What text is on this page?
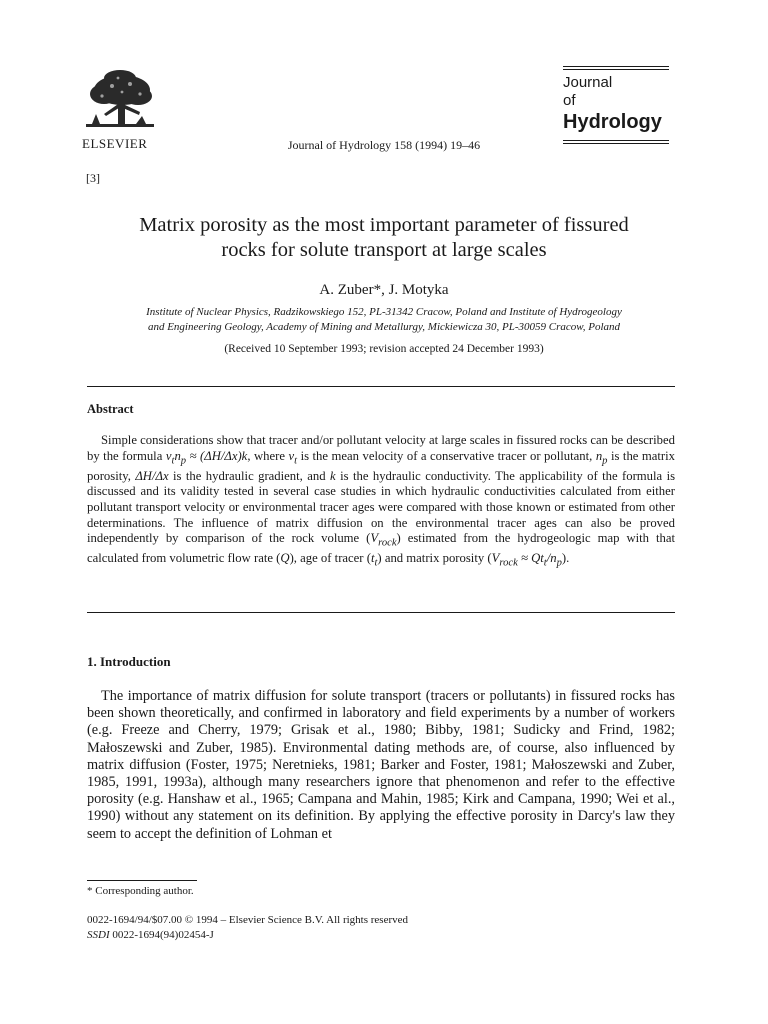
ELSEVIER	Journal of Hydrology 158 (1994) 19–46
Journal
of
Hydrology
[3]
Matrix porosity as the most important parameter of fissured
rocks for solute transport at large scales
A. Zuber*, J. Motyka
Institute of Nuclear Physics, Radzikowskiego 152, PL-31342 Cracow, Poland and Institute of Hydrogeology
and Engineering Geology, Academy of Mining and Metallurgy, Mickiewicza 30, PL-30059 Cracow, Poland
(Received 10 September 1993; revision accepted 24 December 1993)
Abstract
Simple considerations show that tracer and/or pollutant velocity at large scales in fissured rocks can be described by the formula $v_tn_p \approx (\Delta H/\Delta x)k$, where $v_t$ is the mean velocity of a conservative tracer or pollutant, $n_p$ is the matrix porosity, ΔH/Δx is the hydraulic gradient, and k is the hydraulic conductivity. The applicability of the formula is discussed and its validity tested in several case studies in which hydraulic conductivities calculated from either pollutant transport velocity or environmental tracer ages were compared with those known or estimated from other determinations. The influence of matrix diffusion on the environmental tracer ages can also be proved independently by comparison of the rock volume $(V_{rock})$ estimated from the hydrogeologic map with that calculated from volumetric flow rate (Q), age of tracer $(t_t)$ and matrix porosity $(V_{rock} \approx Qt_t/n_p)$.
1. Introduction
The importance of matrix diffusion for solute transport (tracers or pollutants) in fissured rocks has been shown theoretically, and confirmed in laboratory and field experiments by a number of workers (e.g. Freeze and Cherry, 1979; Grisak et al., 1980; Bibby, 1981; Sudicky and Frind, 1982; Małoszewski and Zuber, 1985). Environmental dating methods are, of course, also influenced by matrix diffusion (Foster, 1975; Neretnieks, 1981; Barker and Foster, 1981; Małoszewski and Zuber, 1985, 1991, 1993a), although many researchers ignore that phenomenon and refer to the effective porosity (e.g. Hanshaw et al., 1965; Campana and Mahin, 1985; Kirk and Campana, 1990; Wei et al., 1990) without any statement on its definition. By applying the effective porosity in Darcy's law they seem to accept the definition of Lohman et
* Corresponding author.
0022-1694/94/$07.00 © 1994 – Elsevier Science B.V. All rights reserved
SSDI 0022-1694(94)02454-J
